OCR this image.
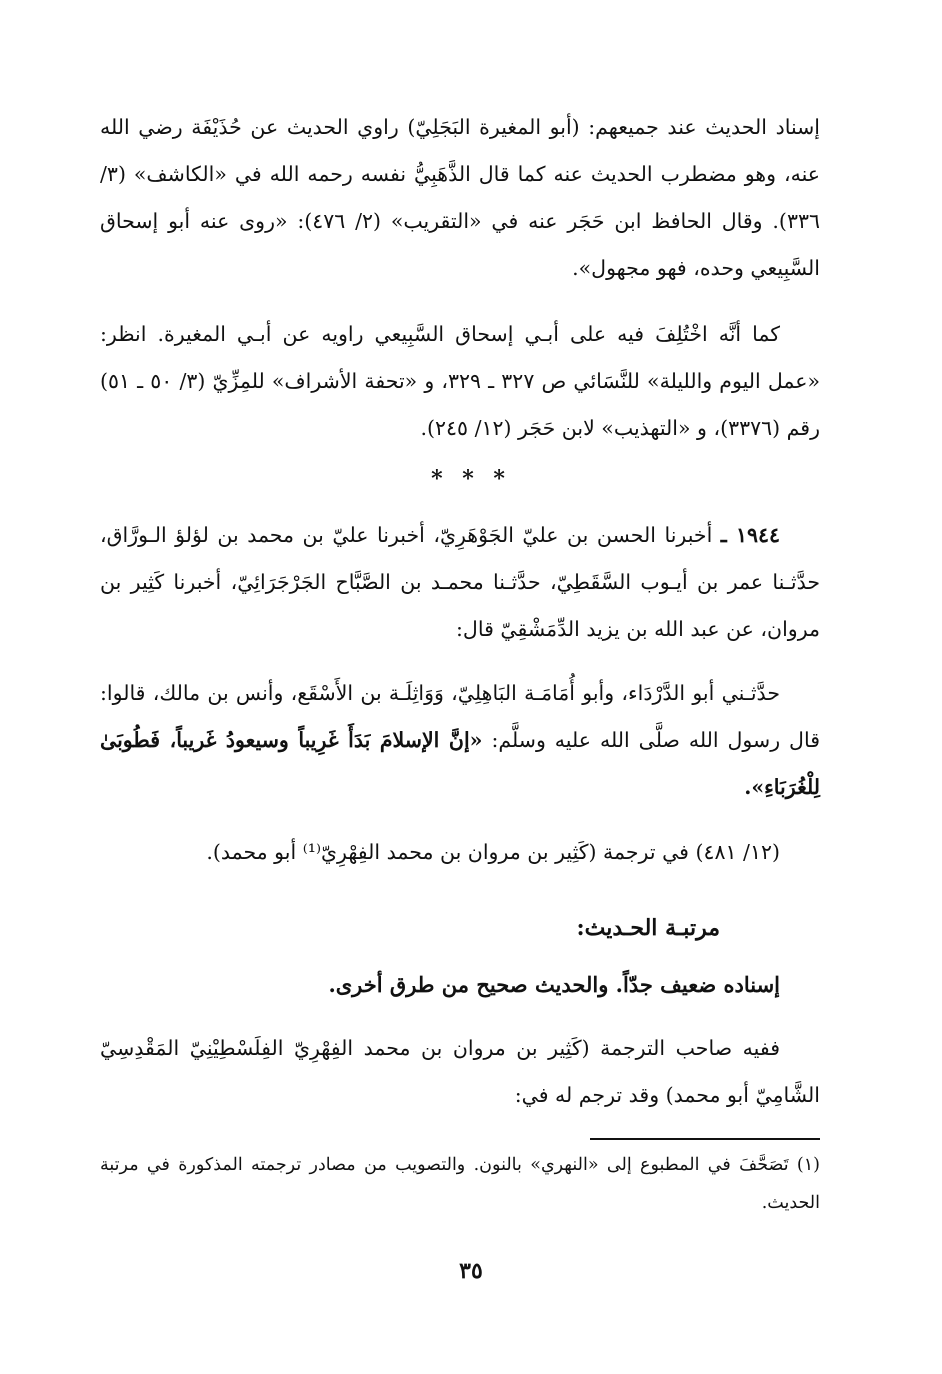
إسناد الحديث عند جميعهم: (أبو المغيرة البَجَلِيّ) راوي الحديث عن حُذَيْفَة رضي الله عنه، وهو مضطرب الحديث عنه كما قال الذَّهَبِيُّ نفسه رحمه الله في «الكاشف» (٣/ ٣٣٦). وقال الحافظ ابن حَجَر عنه في «التقريب» (٢/ ٤٧٦): «روى عنه أبو إسحاق السَّبِيعي وحده، فهو مجهول».
كما أنَّه اخْتُلِفَ فيه على أبـي إسحاق السَّبِيعي راويه عن أبـي المغيرة. انظر: «عمل اليوم والليلة» للنَّسَائي ص ٣٢٧ ـ ٣٢٩، و «تحفة الأشراف» للمِزِّيّ (٣/ ٥٠ ـ ٥١) رقم (٣٣٧٦)، و «التهذيب» لابن حَجَر (١٢/ ٢٤٥).
* * *
١٩٤٤ ـ أخبرنا الحسن بن عليّ الجَوْهَرِيّ، أخبرنا عليّ بن محمد بن لؤلؤ الـورَّاق، حدَّثـنا عمر بن أيـوب السَّقَطِيّ، حدَّثـنا محمـد بن الصَّبَّاح الجَرْجَرَائِيّ، أخبرنا كَثِير بن مروان، عن عبد الله بن يزيد الدِّمَشْقِيّ قال:
حدَّثـني أبو الدَّرْدَاء، وأبو أُمَامَـة البَاهِلِيّ، وَوَاثِلَـة بن الأَسْقَع، وأنس بن مالك، قالوا: قال رسول الله صلَّى الله عليه وسلَّم: «إنَّ الإسلامَ بَدَأَ غَرِيباً وسيعودُ غَريباً، فَطُوبَىٰ لِلْغُرَبَاءِ».
(١٢/ ٤٨١) في ترجمة (كَثِير بن مروان بن محمد الفِهْرِيّ⁽¹⁾ أبو محمد).
مرتبـة الحـديث:
إسناده ضعيف جدّاً. والحديث صحيح من طرق أخرى.
ففيه صاحب الترجمة (كَثِير بن مروان بن محمد الفِهْرِيّ الفِلَسْطِيْنِيّ المَقْدِسِيّ الشَّامِيّ أبو محمد) وقد ترجم له في:
(١) تَصَحَّفَ في المطبوع إلى «النهري» بالنون. والتصويب من مصادر ترجمته المذكورة في مرتبة الحديث.
٣٥
